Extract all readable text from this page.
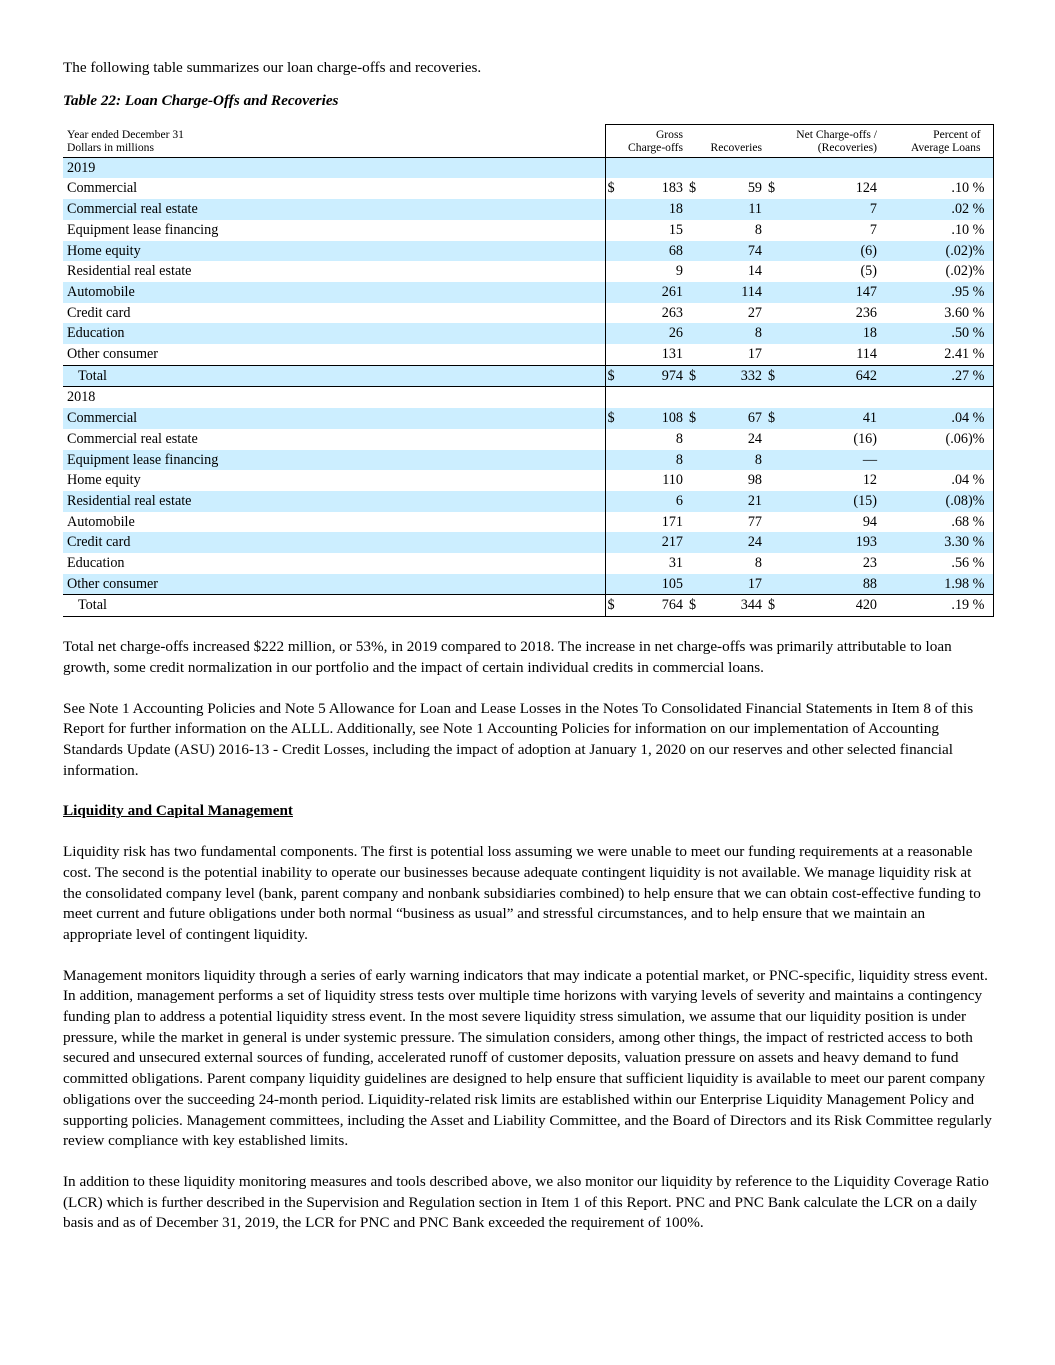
The following table summarizes our loan charge-offs and recoveries.

Table 22: Loan Charge-Offs and Recoveries
Year ended December 31		Gross				Net Charge-offs /	Percent of
Dollars in millions		Charge-offs		Recoveries		(Recoveries)	Average Loans
2019							
Commercial	$	183	$	59	$	124	.10 %
Commercial real estate		18		11		7	.02 %
Equipment lease financing		15		8		7	.10 %
Home equity		68		74		(6)	(.02)%
Residential real estate		9		14		(5)	(.02)%
Automobile		261		114		147	.95 %
Credit card		263		27		236	3.60 %
Education		26		8		18	.50 %
Other consumer		131		17		114	2.41 %
Total	$	974	$	332	$	642	.27 %
2018							
Commercial	$	108	$	67	$	41	.04 %
Commercial real estate		8		24		(16)	(.06)%
Equipment lease financing		8		8		—	
Home equity		110		98		12	.04 %
Residential real estate		6		21		(15)	(.08)%
Automobile		171		77		94	.68 %
Credit card		217		24		193	3.30 %
Education		31		8		23	.56 %
Other consumer		105		17		88	1.98 %
Total	$	764	$	344	$	420	.19 %

Total net charge-offs increased $222 million, or 53%, in 2019 compared to 2018. The increase in net charge-offs was primarily attributable to loan growth, some credit normalization in our portfolio and the impact of certain individual credits in commercial loans.

See Note 1 Accounting Policies and Note 5 Allowance for Loan and Lease Losses in the Notes To Consolidated Financial Statements in Item 8 of this Report for further information on the ALLL. Additionally, see Note 1 Accounting Policies for information on our implementation of Accounting Standards Update (ASU) 2016-13 - Credit Losses, including the impact of adoption at January 1, 2020 on our reserves and other selected financial information.

Liquidity and Capital Management

Liquidity risk has two fundamental components. The first is potential loss assuming we were unable to meet our funding requirements at a reasonable cost. The second is the potential inability to operate our businesses because adequate contingent liquidity is not available. We manage liquidity risk at the consolidated company level (bank, parent company and nonbank subsidiaries combined) to help ensure that we can obtain cost-effective funding to meet current and future obligations under both normal “business as usual” and stressful circumstances, and to help ensure that we maintain an appropriate level of contingent liquidity.

Management monitors liquidity through a series of early warning indicators that may indicate a potential market, or PNC-specific, liquidity stress event. In addition, management performs a set of liquidity stress tests over multiple time horizons with varying levels of severity and maintains a contingency funding plan to address a potential liquidity stress event. In the most severe liquidity stress simulation, we assume that our liquidity position is under pressure, while the market in general is under systemic pressure. The simulation considers, among other things, the impact of restricted access to both secured and unsecured external sources of funding, accelerated runoff of customer deposits, valuation pressure on assets and heavy demand to fund committed obligations. Parent company liquidity guidelines are designed to help ensure that sufficient liquidity is available to meet our parent company obligations over the succeeding 24-month period. Liquidity-related risk limits are established within our Enterprise Liquidity Management Policy and supporting policies. Management committees, including the Asset and Liability Committee, and the Board of Directors and its Risk Committee regularly review compliance with key established limits.

In addition to these liquidity monitoring measures and tools described above, we also monitor our liquidity by reference to the Liquidity Coverage Ratio (LCR) which is further described in the Supervision and Regulation section in Item 1 of this Report. PNC and PNC Bank calculate the LCR on a daily basis and as of December 31, 2019, the LCR for PNC and PNC Bank exceeded the requirement of 100%.
